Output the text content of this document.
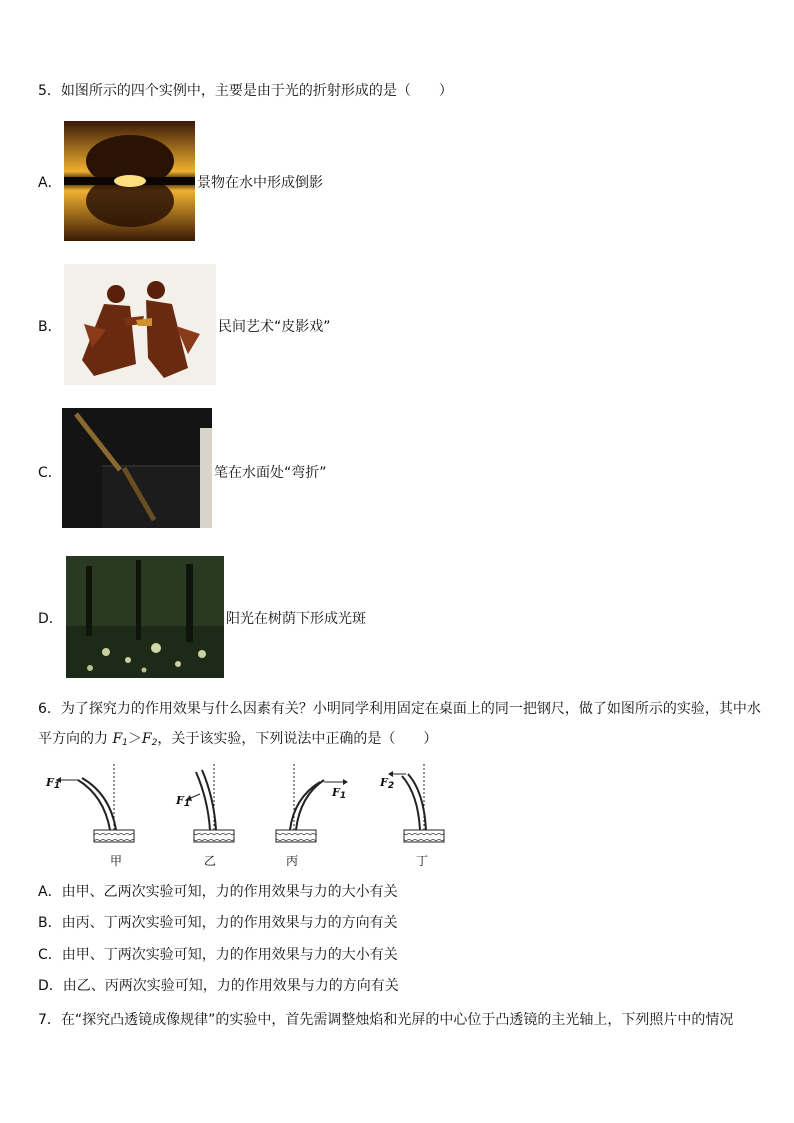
5．如图所示的四个实例中，主要是由于光的折射形成的是（　　）
A．	景物在水中形成倒影
B．	民间艺术“皮影戏”
C．	笔在水面处“弯折”
D．	阳光在树荫下形成光斑
6．为了探究力的作用效果与什么因素有关？小明同学利用固定在桌面上的同一把钢尺，做了如图所示的实验，其中水
平方向的力 $F_1>F_2$，关于该实验，下列说法中正确的是（　　）
$F_1$
$F_1$
$F_1$
$F_2$
甲	乙	丙	丁
A．由甲、乙两次实验可知，力的作用效果与力的大小有关
B．由丙、丁两次实验可知，力的作用效果与力的方向有关
C．由甲、丁两次实验可知，力的作用效果与力的大小有关
D．由乙、丙两次实验可知，力的作用效果与力的方向有关
7．在“探究凸透镜成像规律”的实验中，首先需调整烛焰和光屏的中心位于凸透镜的主光轴上，下列照片中的情况
